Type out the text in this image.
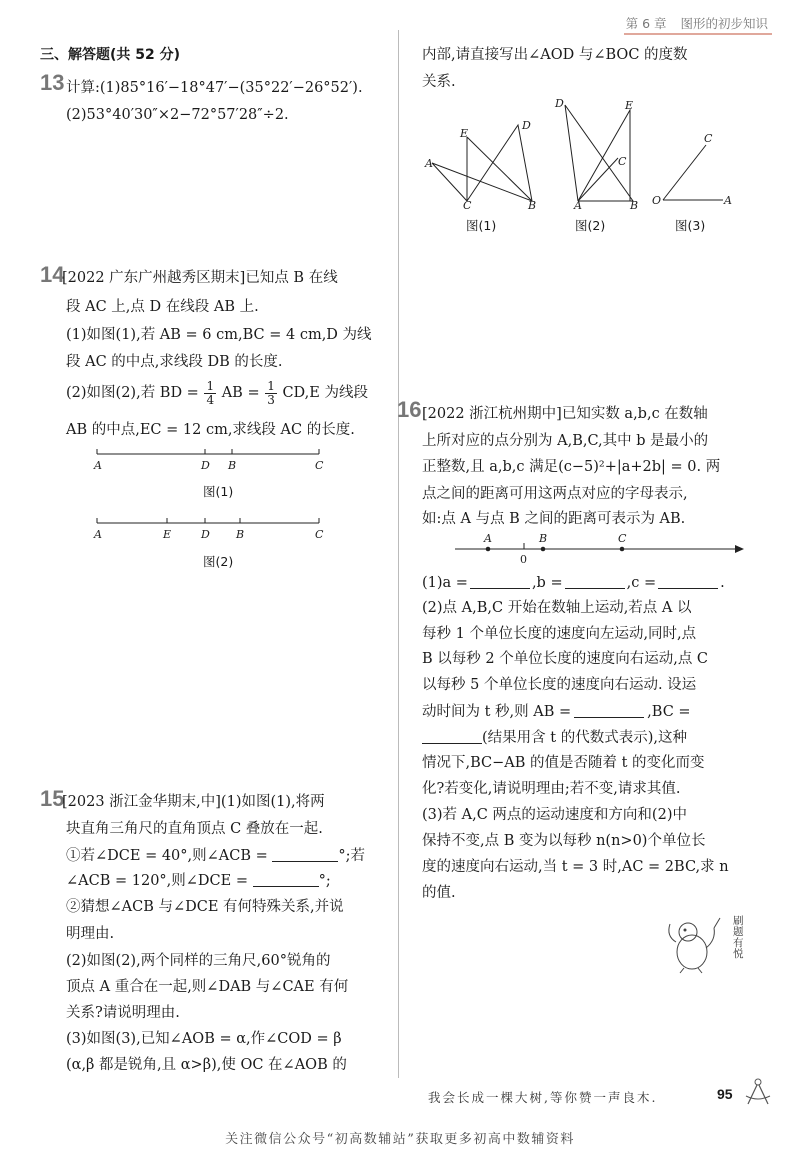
第 6 章 图形的初步知识
三、解答题(共 52 分)
13 计算:(1)85°16′−18°47′−(35°22′−26°52′).
(2)53°40′30″×2−72°57′28″÷2.
14
[2022 广东广州越秀区期末]已知点 B 在线
段 AC 上,点 D 在线段 AB 上.
(1)如图(1),若 AB = 6 cm,BC = 4 cm,D 为线
段 AC 的中点,求线段 DB 的长度.
(2)如图(2),若 BD = $\frac{1}{4}$ AB = $\frac{1}{3} CD,E$ 为线段
AB 的中点,EC = 12 cm,求线段 AC 的长度.
A	D B	C
图(1)
A	E	D B	C
图(2)
15
[2023 浙江金华期末,中](1)如图(1),将两
块直角三角尺的直角顶点 C 叠放在一起.
①若∠DCE = 40°,则∠ACB =	°;若
∠ACB = 120°,则∠DCE =	°;
②猜想∠ACB 与∠DCE 有何特殊关系,并说
明理由.
(2)如图(2),两个同样的三角尺,60°锐角的
顶点 A 重合在一起,则∠DAB 与∠CAE 有何
关系?请说明理由.
(3)如图(3),已知∠AOB = α,作∠COD = β
(α,β 都是锐角,且 α>β),使 OC 在∠AOB 的
内部,请直接写出∠AOD 与∠BOC 的度数
关系.
D
E
A
C	B
图(1)
D	E
C
A	B
图(2)
C
O	A
图(3)
16 [2022 浙江杭州期中]已知实数 a,b,c 在数轴
上所对应的点分别为 A,B,C,其中 b 是最小的
正整数,且 a,b,c 满足(c−5)²+|a+2b| = 0. 两
点之间的距离可用这两点对应的字母表示,
如:点 A 与点 B 之间的距离可表示为 AB.
A	B	C
0
(1)a =	,b =	,c =	.
(2)点 A,B,C 开始在数轴上运动,若点 A 以
每秒 1 个单位长度的速度向左运动,同时,点
B 以每秒 2 个单位长度的速度向右运动,点 C
以每秒 5 个单位长度的速度向右运动. 设运
动时间为 t 秒,则 AB =	,BC =
(结果用含 t 的代数式表示),这种
情况下,BC−AB 的值是否随着 t 的变化而变
化?若变化,请说明理由;若不变,请求其值.
(3)若 A,C 两点的运动速度和方向和(2)中
保持不变,点 B 变为以每秒 n(n>0)个单位长
度的速度向右运动,当 t = 3 时,AC = 2BC,求 n
的值.
刷题有悦
我会长成一棵大树,等你赞一声良木.	95
关注微信公众号“初高数辅站”获取更多初高中数辅资料
